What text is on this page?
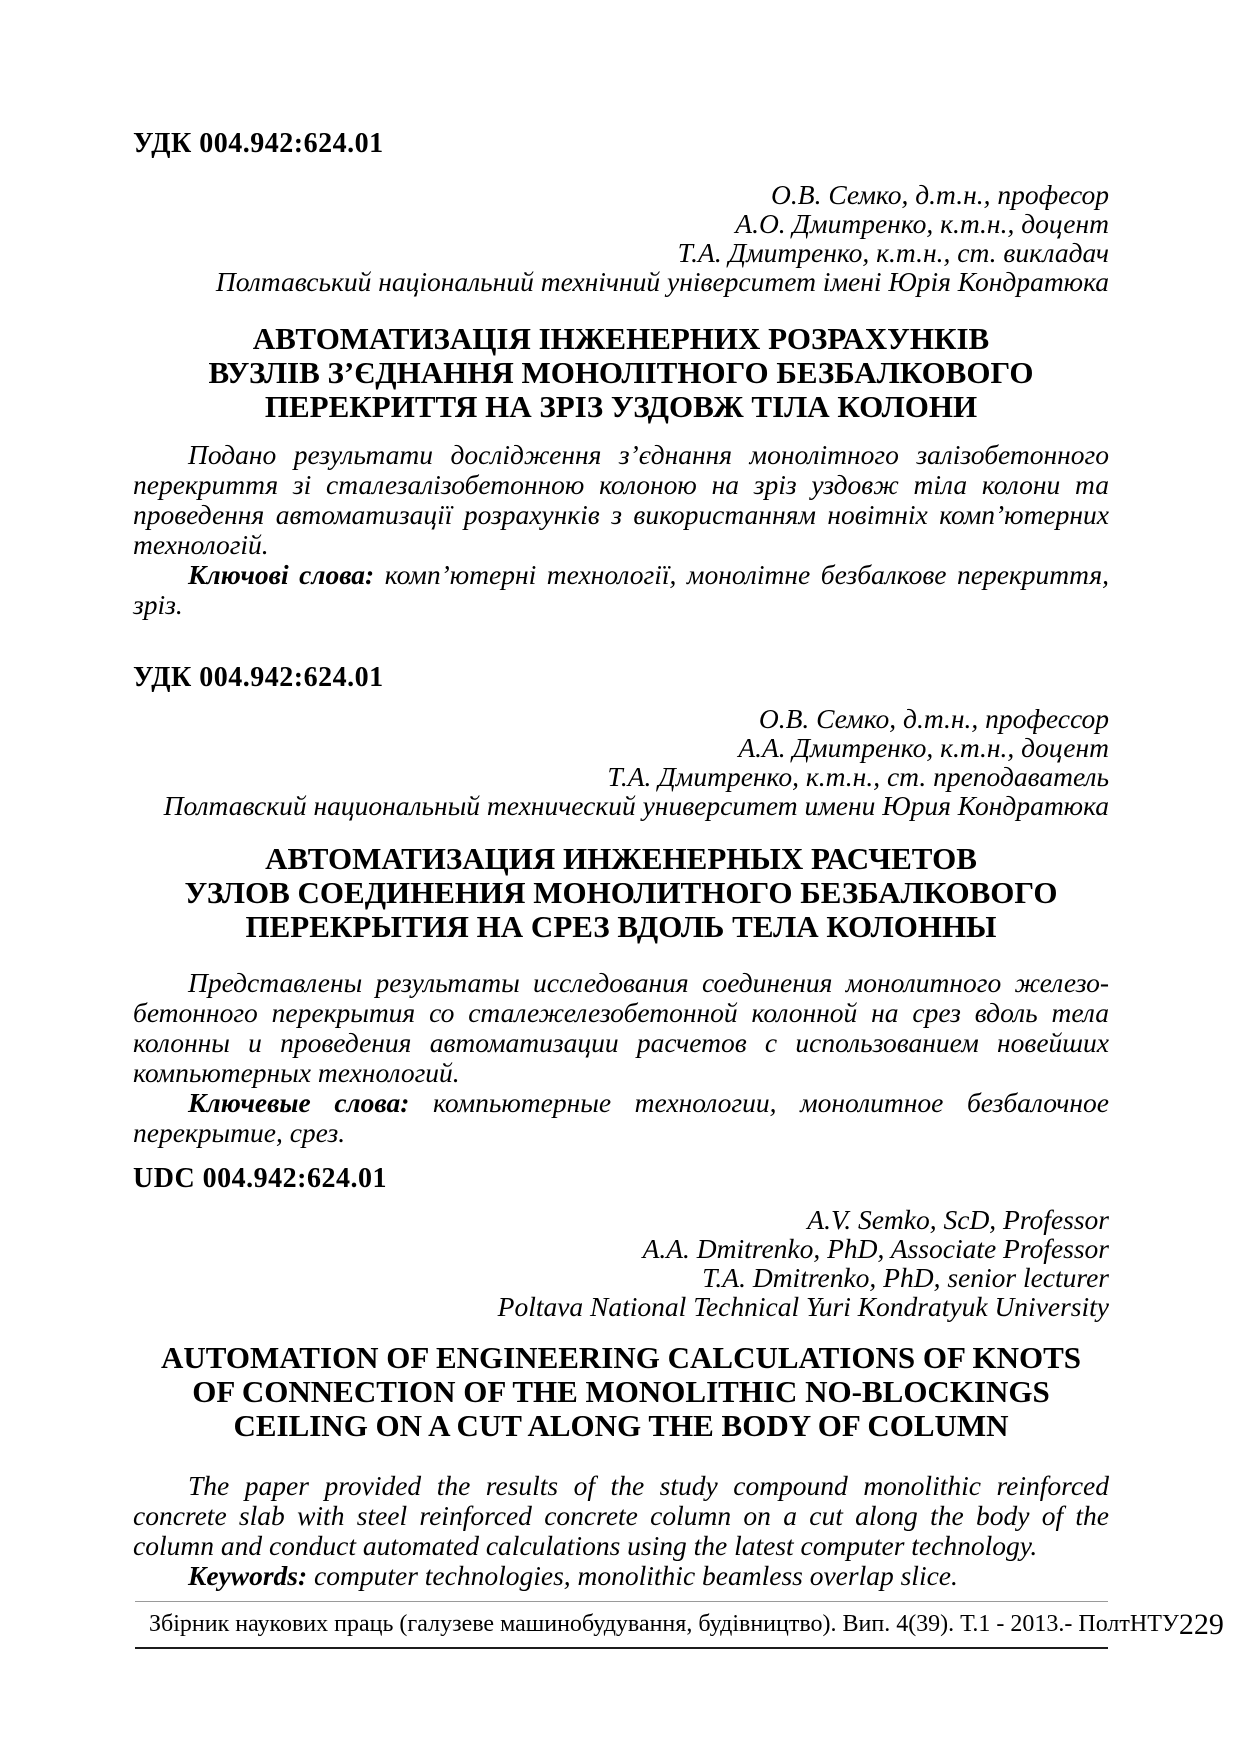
УДК 004.942:624.01
О.В. Семко, д.т.н., професор
А.О. Дмитренко, к.т.н., доцент
Т.А. Дмитренко, к.т.н., ст. викладач
Полтавський національний технічний університет імені Юрія Кондратюка
АВТОМАТИЗАЦІЯ ІНЖЕНЕРНИХ РОЗРАХУНКІВ
ВУЗЛІВ З’ЄДНАННЯ МОНОЛІТНОГО БЕЗБАЛКОВОГО
ПЕРЕКРИТТЯ НА ЗРІЗ УЗДОВЖ ТІЛА КОЛОНИ

Подано результати дослідження з’єднання монолітного залізобетонного перекриття зі сталезалізобетонною колоною на зріз уздовж тіла колони та проведення автоматизації розрахунків з використанням новітніх комп’ютерних технологій.

Ключові слова: комп’ютерні технології, монолітне безбалкове перекриття, зріз.

УДК 004.942:624.01
О.В. Семко, д.т.н., профессор
А.А. Дмитренко, к.т.н., доцент
Т.А. Дмитренко, к.т.н., ст. преподаватель
Полтавский национальный технический университет имени Юрия Кондратюка
АВТОМАТИЗАЦИЯ ИНЖЕНЕРНЫХ РАСЧЕТОВ
УЗЛОВ СОЕДИНЕНИЯ МОНОЛИТНОГО БЕЗБАЛКОВОГО
ПЕРЕКРЫТИЯ НА СРЕЗ ВДОЛЬ ТЕЛА КОЛОННЫ

Представлены результаты исследования соединения монолитного железо-бетонного перекрытия со сталежелезобетонной колонной на срез вдоль тела колонны и проведения автоматизации расчетов с использованием новейших компьютерных технологий.

Ключевые слова: компьютерные технологии, монолитное безбалочное перекрытие, срез.

UDC 004.942:624.01
A.V. Semko, ScD, Professor
A.A. Dmitrenko, PhD, Associate Professor
T.A. Dmitrenko, PhD, senior lecturer
Poltava National Technical Yuri Kondratyuk University
AUTOMATION OF ENGINEERING CALCULATIONS OF KNOTS
OF CONNECTION OF THE MONOLITHIC NO-BLOCKINGS
CEILING ON A CUT ALONG THE BODY OF COLUMN

The paper provided the results of the study compound monolithic reinforced concrete slab with steel reinforced concrete column on a cut along the body of the column and conduct automated calculations using the latest computer technology.

Keywords: computer technologies, monolithic beamless overlap slice.

Збірник наукових праць (галузеве машинобудування, будівництво). Вип. 4(39). Т.1 - 2013.- ПолтНТУ 229
